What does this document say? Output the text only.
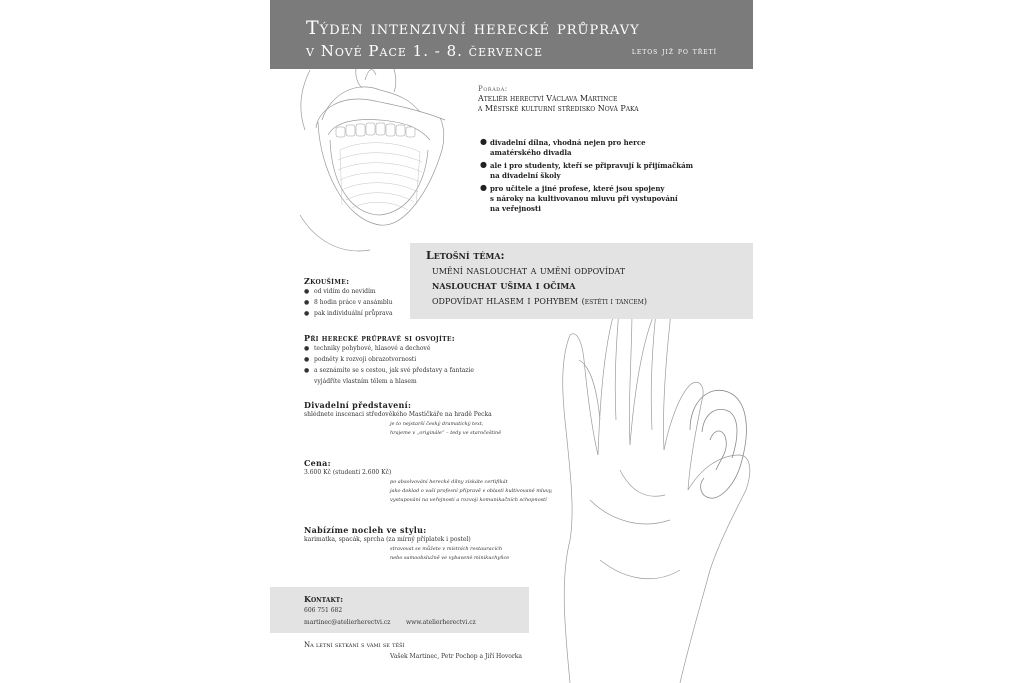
Týden intenzivní herecké průpravy
v Nové Pace 1. - 8. července	letos již po třetí
Pořádá:
Ateliér herectví Václava Martince
a Městské kulturní středisko Nová Paka
● divadelní dílna, vhodná nejen pro herce
amatérského divadla
● ale i pro studenty, kteří se připravují k přijímačkám
na divadelní školy
● pro učitele a jiné profese, které jsou spojeny
s nároky na kultivovanou mluvu při vystupování
na veřejnosti
Letošní téma:
umění naslouchat a umění odpovídat
naslouchat ušima i očima
odpovídat hlasem i pohybem (estéti i tancem)
Zkoušíme:
● od vidím do nevidím
● 8 hodin práce v ansámblu
● pak individuální průprava
Při herecké průpravě si osvojíte:
● techniky pohybové, hlasové a dechové
● podněty k rozvoji obrazotvornosti
● a seznámíte se s cestou, jak své představy a fantazie
vyjádříte vlastním tělem a hlasem
Divadelní představení:
shlédnete inscenaci středověkého Mastičkáře na hradě Pecka
je to nejstarší český dramatický text,
hrajeme v „originále“ – tedy ve staročeštině
Cena:
3.600 Kč (studenti 2.600 Kč)
po absolvování herecké dílny získáte certifikát
jako doklad o vaší profesní přípravě v oblasti kultivované mluvy,
vystupování na veřejnosti a rozvoji komunikačních schopností
Nabízíme nocleh ve stylu:
karimatka, spacák, sprcha (za mírný příplatek i postel)
stravovat se můžete v místních restauracích
nebo samoobslužně ve vybavené minikuchyňce
Kontakt:
606 751 682
martinec@atelierherectvi.cz	www.atelierherectvi.cz
Na letní setkání s vámi se těší
Vašek Martinec, Petr Pochop a Jiří Hovorka
